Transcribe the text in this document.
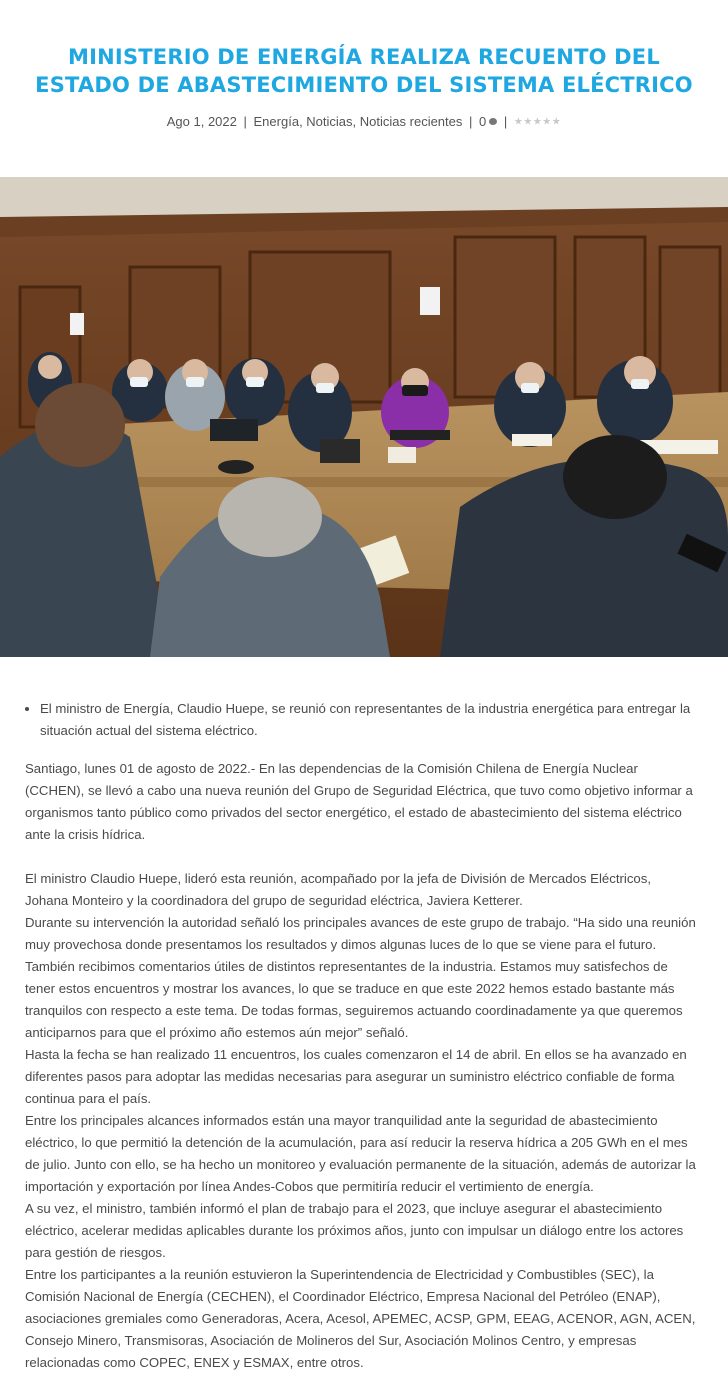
MINISTERIO DE ENERGÍA REALIZA RECUENTO DEL ESTADO DE ABASTECIMIENTO DEL SISTEMA ELÉCTRICO
Ago 1, 2022 | Energía, Noticias, Noticias recientes | 0 | ★★★★★
• El ministro de Energía, Claudio Huepe, se reunió con representantes de la industria energética para entregar la situación actual del sistema eléctrico.

Santiago, lunes 01 de agosto de 2022.- En las dependencias de la Comisión Chilena de Energía Nuclear (CCHEN), se llevó a cabo una nueva reunión del Grupo de Seguridad Eléctrica, que tuvo como objetivo informar a organismos tanto público como privados del sector energético, el estado de abastecimiento del sistema eléctrico ante la crisis hídrica.

El ministro Claudio Huepe, lideró esta reunión, acompañado por la jefa de División de Mercados Eléctricos, Johana Monteiro y la coordinadora del grupo de seguridad eléctrica, Javiera Ketterer.

Durante su intervención la autoridad señaló los principales avances de este grupo de trabajo. “Ha sido una reunión muy provechosa donde presentamos los resultados y dimos algunas luces de lo que se viene para el futuro. También recibimos comentarios útiles de distintos representantes de la industria. Estamos muy satisfechos de tener estos encuentros y mostrar los avances, lo que se traduce en que este 2022 hemos estado bastante más tranquilos con respecto a este tema. De todas formas, seguiremos actuando coordinadamente ya que queremos anticiparnos para que el próximo año estemos aún mejor” señaló.

Hasta la fecha se han realizado 11 encuentros, los cuales comenzaron el 14 de abril. En ellos se ha avanzado en diferentes pasos para adoptar las medidas necesarias para asegurar un suministro eléctrico confiable de forma continua para el país.

Entre los principales alcances informados están una mayor tranquilidad ante la seguridad de abastecimiento eléctrico, lo que permitió la detención de la acumulación, para así reducir la reserva hídrica a 205 GWh en el mes de julio. Junto con ello, se ha hecho un monitoreo y evaluación permanente de la situación, además de autorizar la importación y exportación por línea Andes-Cobos que permitiría reducir el vertimiento de energía.

A su vez, el ministro, también informó el plan de trabajo para el 2023, que incluye asegurar el abastecimiento eléctrico, acelerar medidas aplicables durante los próximos años, junto con impulsar un diálogo entre los actores para gestión de riesgos.

Entre los participantes a la reunión estuvieron la Superintendencia de Electricidad y Combustibles (SEC), la Comisión Nacional de Energía (CECHEN), el Coordinador Eléctrico, Empresa Nacional del Petróleo (ENAP), asociaciones gremiales como Generadoras, Acera, Acesol, APEMEC, ACSP, GPM, EEAG, ACENOR, AGN, ACEN, Consejo Minero, Transmisoras, Asociación de Molineros del Sur, Asociación Molinos Centro, y empresas relacionadas como COPEC, ENEX y ESMAX, entre otros.
